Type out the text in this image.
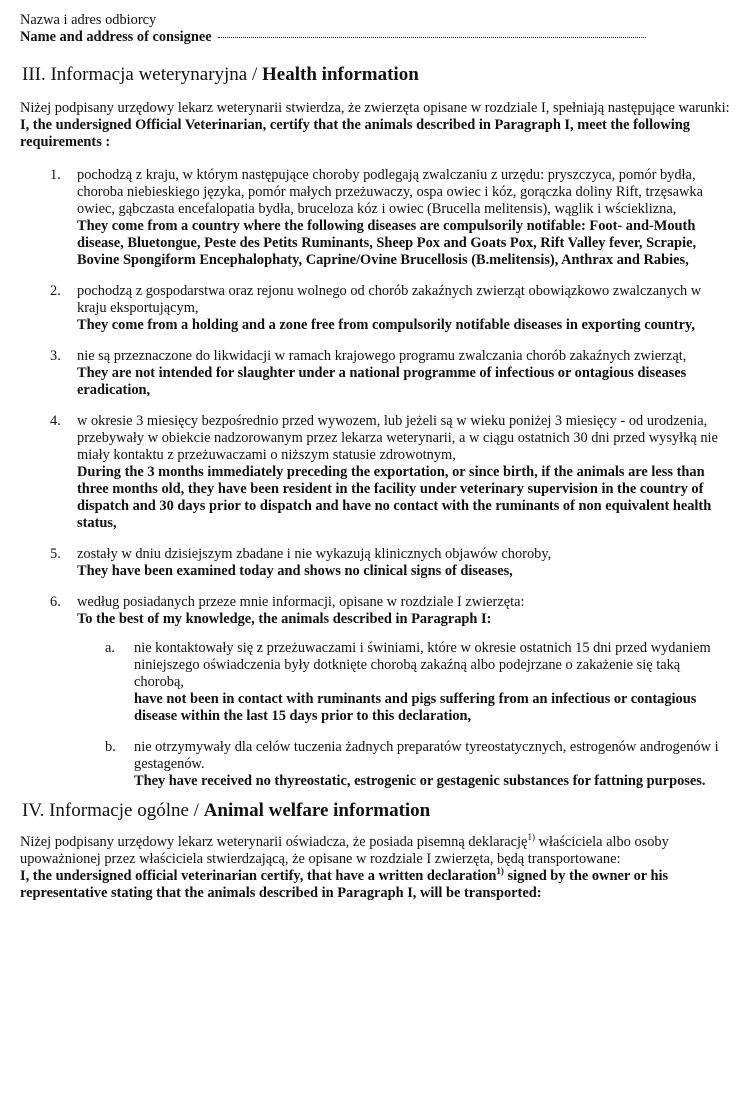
Nazwa i adres odbiorcy

Name and address of consignee
III. Informacja weterynaryjna / Health information

Niżej podpisany urzędowy lekarz weterynarii stwierdza, że zwierzęta opisane w rozdziale I, spełniają następujące warunki:

I, the undersigned Official Veterinarian, certify that the animals described in Paragraph I, meet the following requirements :

1.	pochodzą z kraju, w którym następujące choroby podlegają zwalczaniu z urzędu: pryszczyca, pomór bydła, choroba niebieskiego języka, pomór małych przeżuwaczy, ospa owiec i kóz, gorączka doliny Rift, trzęsawka owiec, gąbczasta encefalopatia bydła, bruceloza kóz i owiec (Brucella melitensis), wąglik i wścieklizna,

They come from a country where the following diseases are compulsorily notifable: Foot- and-Mouth disease, Bluetongue, Peste des Petits Ruminants, Sheep Pox and Goats Pox, Rift Valley fever, Scrapie, Bovine Spongiform Encephalophaty, Caprine/Ovine Brucellosis (B.melitensis), Anthrax and Rabies,

2.	pochodzą z gospodarstwa oraz rejonu wolnego od chorób zakaźnych zwierząt obowiązkowo zwalczanych w kraju eksportującym,

They come from a holding and a zone free from compulsorily notifable diseases in exporting country,

3.	nie są przeznaczone do likwidacji w ramach krajowego programu zwalczania chorób zakaźnych zwierząt,

They are not intended for slaughter under a national programme of infectious or ontagious diseases eradication,

4.	w okresie 3 miesięcy bezpośrednio przed wywozem, lub jeżeli są w wieku poniżej 3 miesięcy - od urodzenia, przebywały w obiekcie nadzorowanym przez lekarza weterynarii, a w ciągu ostatnich 30 dni przed wysyłką nie miały kontaktu z przeżuwaczami o niższym statusie zdrowotnym,

During the 3 months immediately preceding the exportation, or since birth, if the animals are less than three months old, they have been resident in the facility under veterinary supervision in the country of dispatch and 30 days prior to dispatch and have no contact with the ruminants of non equivalent health status,

5.	zostały w dniu dzisiejszym zbadane i nie wykazują klinicznych objawów choroby,

They have been examined today and shows no clinical signs of diseases,

6.	według posiadanych przeze mnie informacji, opisane w rozdziale I zwierzęta:

To the best of my knowledge, the animals described in Paragraph I:

a.	nie kontaktowały się z przeżuwaczami i świniami, które w okresie ostatnich 15 dni przed wydaniem niniejszego oświadczenia były dotknięte chorobą zakaźną albo podejrzane o zakażenie się taką chorobą,

have not been in contact with ruminants and pigs suffering from an infectious or contagious disease within the last 15 days prior to this declaration,

b.	nie otrzymywały dla celów tuczenia żadnych preparatów tyreostatycznych, estrogenów androgenów i gestagenów.

They have received no thyreostatic, estrogenic or gestagenic substances for fattning purposes.

IV. Informacje ogólne / Animal welfare information

Niżej podpisany urzędowy lekarz weterynarii oświadcza, że posiada pisemną deklarację$^{1)}$ właściciela albo osoby upoważnionej przez właściciela stwierdzającą, że opisane w rozdziale I zwierzęta, będą transportowane:

I, the undersigned official veterinarian certify, that have a written declaration$^{1)}$ signed by the owner or his representative stating that the animals described in Paragraph I, will be transported:
